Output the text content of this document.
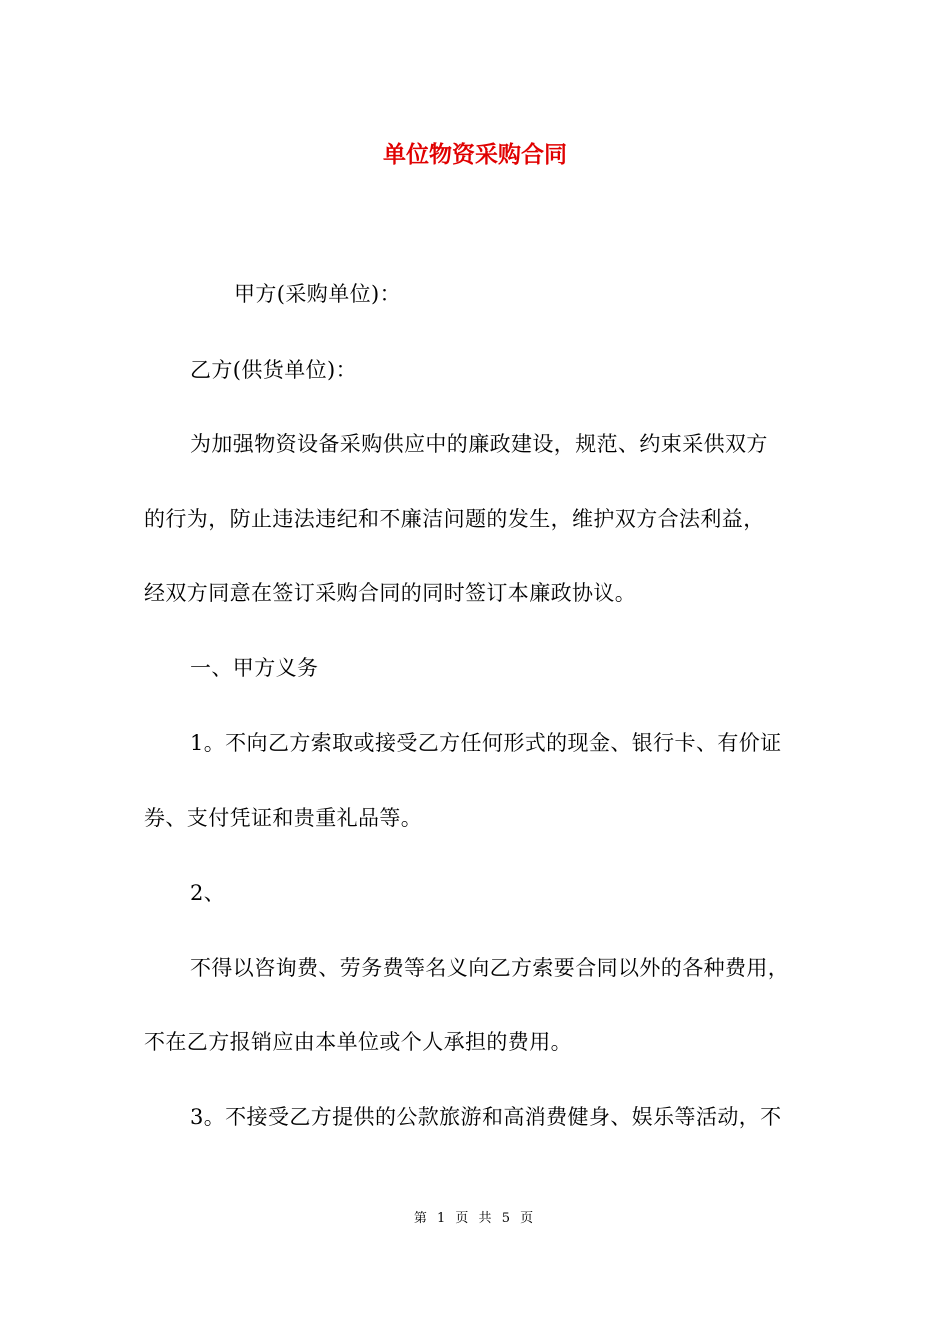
单位物资采购合同
甲方(采购单位)：
乙方(供货单位)：
为加强物资设备采购供应中的廉政建设，规范、约束采供双方
的行为，防止违法违纪和不廉洁问题的发生，维护双方合法利益，
经双方同意在签订采购合同的同时签订本廉政协议。
一、甲方义务
1。不向乙方索取或接受乙方任何形式的现金、银行卡、有价证
券、支付凭证和贵重礼品等。
2、
不得以咨询费、劳务费等名义向乙方索要合同以外的各种费用，
不在乙方报销应由本单位或个人承担的费用。
3。不接受乙方提供的公款旅游和高消费健身、娱乐等活动，不
第 1 页 共 5 页
